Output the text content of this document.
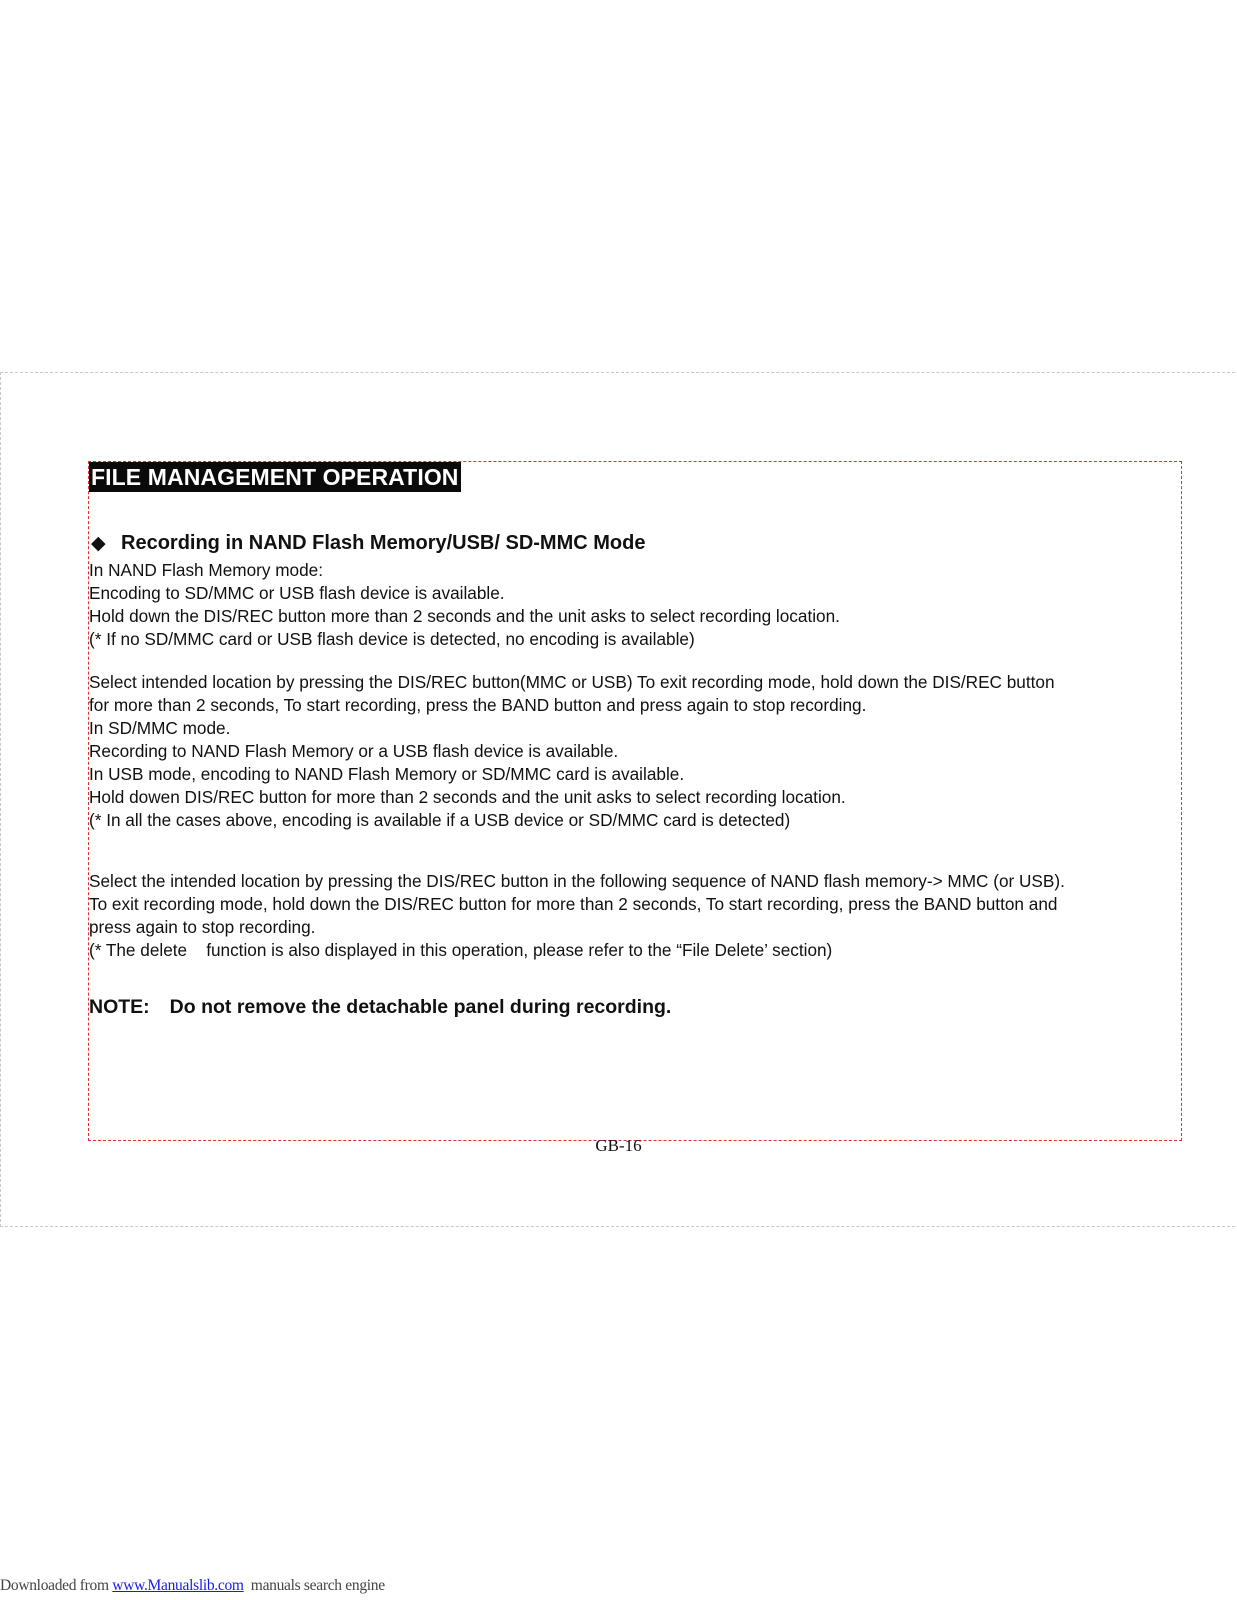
FILE MANAGEMENT OPERATION
◆ Recording in NAND Flash Memory/USB/ SD-MMC Mode
In NAND Flash Memory mode:
Encoding to SD/MMC or USB flash device is available.
Hold down the DIS/REC button more than 2 seconds and the unit asks to select recording location.
(* If no SD/MMC card or USB flash device is detected, no encoding is available)
Select intended location by pressing the DIS/REC button(MMC or USB) To exit recording mode, hold down the DIS/REC button
for more than 2 seconds, To start recording, press the BAND button and press again to stop recording.
In SD/MMC mode.
Recording to NAND Flash Memory or a USB flash device is available.
In USB mode, encoding to NAND Flash Memory or SD/MMC card is available.
Hold dowen DIS/REC button for more than 2 seconds and the unit asks to select recording location.
(* In all the cases above, encoding is available if a USB device or SD/MMC card is detected)
Select the intended location by pressing the DIS/REC button in the following sequence of NAND flash memory-> MMC (or USB).
To exit recording mode, hold down the DIS/REC button for more than 2 seconds, To start recording, press the BAND button and
press again to stop recording.
(* The delete    function is also displayed in this operation, please refer to the “File Delete’ section)
NOTE: Do not remove the detachable panel during recording.
GB-16
Downloaded from www.Manualslib.com  manuals search engine
